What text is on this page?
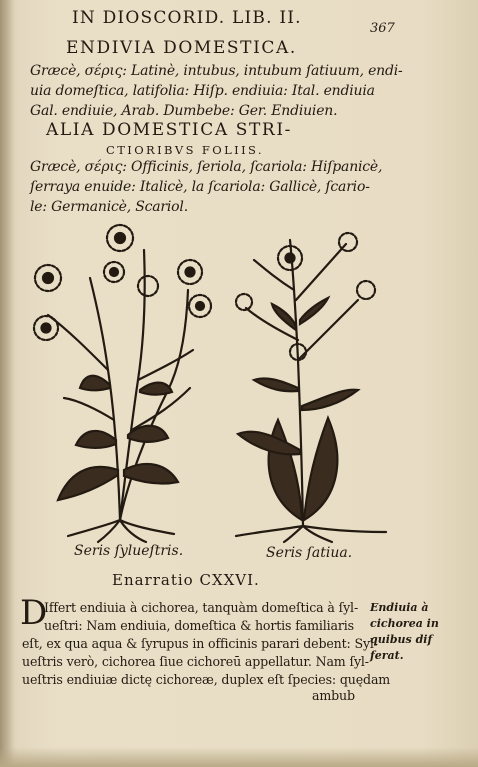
IN DIOSCORID. LIB. II.
367
ENDIVIA DOMESTICA.
Græcè, σέρις: Latinè, intubus, intubum ſatiuum, endi-
uia domeſtica, latifolia: Hiſp. endiuia: Ital. endiuia
Gal. endiuie, Arab. Dumbebe: Ger. Endiuien.
ALIA DOMESTICA STRI-
CTIORIBVS FOLIIS.
Græcè, σέρις: Officinis, ſeriola, ſcariola: Hiſpanicè,
ſerraya enuide: Italicè, la ſcariola: Gallicè, ſcario-
le: Germanicè, Scariol.
Seris ſylueſtris.	Seris ſatiua.
Enarratio CXXVI.
D
Iffert endiuia à cichorea, tanquàm domeſtica à ſyl-
ueſtri: Nam endiuia, domeſtica & hortis familiaris
eſt, ex qua aqua & ſyrupus in officinis parari debent: Syl-
ueſtris verò, cichorea ſiue cichoreū appellatur. Nam ſyl-
ueſtris endiuiæ dictę cichoreæ, duplex eſt ſpecies: quędam
ambub
Endiuia à
cichorea in
quibus dif
ferat.
